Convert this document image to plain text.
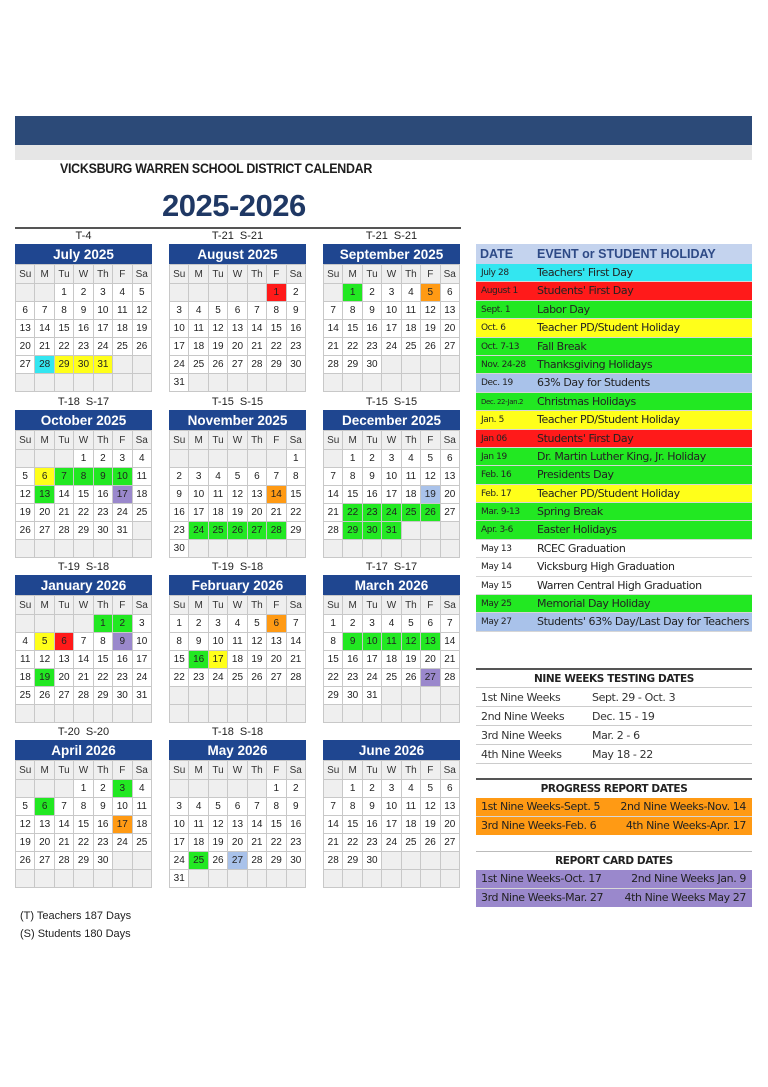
VICKSBURG WARREN SCHOOL DISTRICT CALENDAR
2025-2026
T-4
July 2025
Su	M	Tu	W	Th	F	Sa
		1	2	3	4	5
6	7	8	9	10	11	12
13	14	15	16	17	18	19
20	21	22	23	24	25	26
27	28	29	30	31		

T-21  S-21
August 2025
Su	M	Tu	W	Th	F	Sa
					1	2
3	4	5	6	7	8	9
10	11	12	13	14	15	16
17	18	19	20	21	22	23
24	25	26	27	28	29	30
31						
T-21  S-21
September 2025
Su	M	Tu	W	Th	F	Sa
	1	2	3	4	5	6
7	8	9	10	11	12	13
14	15	16	17	18	19	20
21	22	23	24	25	26	27
28	29	30				

T-18  S-17
October 2025
Su	M	Tu	W	Th	F	Sa
			1	2	3	4
5	6	7	8	9	10	11
12	13	14	15	16	17	18
19	20	21	22	23	24	25
26	27	28	29	30	31	

T-15  S-15
November 2025
Su	M	Tu	W	Th	F	Sa
						1
2	3	4	5	6	7	8
9	10	11	12	13	14	15
16	17	18	19	20	21	22
23	24	25	26	27	28	29
30						
T-15  S-15
December 2025
Su	M	Tu	W	Th	F	Sa
	1	2	3	4	5	6
7	8	9	10	11	12	13
14	15	16	17	18	19	20
21	22	23	24	25	26	27
28	29	30	31			

T-19  S-18
January 2026
Su	M	Tu	W	Th	F	Sa
				1	2	3
4	5	6	7	8	9	10
11	12	13	14	15	16	17
18	19	20	21	22	23	24
25	26	27	28	29	30	31

T-19  S-18
February 2026
Su	M	Tu	W	Th	F	Sa
1	2	3	4	5	6	7
8	9	10	11	12	13	14
15	16	17	18	19	20	21
22	23	24	25	26	27	28

T-17  S-17
March 2026
Su	M	Tu	W	Th	F	Sa
1	2	3	4	5	6	7
8	9	10	11	12	13	14
15	16	17	18	19	20	21
22	23	24	25	26	27	28
29	30	31				

T-20  S-20
April 2026
Su	M	Tu	W	Th	F	Sa
			1	2	3	4
5	6	7	8	9	10	11
12	13	14	15	16	17	18
19	20	21	22	23	24	25
26	27	28	29	30		

T-18  S-18
May 2026
Su	M	Tu	W	Th	F	Sa
					1	2
3	4	5	6	7	8	9
10	11	12	13	14	15	16
17	18	19	20	21	22	23
24	25	26	27	28	29	30
31						
June 2026
Su	M	Tu	W	Th	F	Sa
	1	2	3	4	5	6
7	8	9	10	11	12	13
14	15	16	17	18	19	20
21	22	23	24	25	26	27
28	29	30				

DATE	EVENT or STUDENT HOLIDAY
July 28	Teachers' First Day
August 1	Students' First Day
Sept. 1	Labor Day
Oct. 6	Teacher PD/Student Holiday
Oct. 7-13	Fall Break
Nov. 24-28	Thanksgiving Holidays
Dec. 19	63% Day for Students
Dec. 22-Jan.2	Christmas Holidays
Jan. 5	Teacher PD/Student Holiday
Jan 06	Students' First Day
Jan 19	Dr. Martin Luther King, Jr. Holiday
Feb. 16	Presidents Day
Feb. 17	Teacher PD/Student Holiday
Mar. 9-13	Spring Break
Apr. 3-6	Easter Holidays
May 13	RCEC Graduation
May 14	Vicksburg High Graduation
May 15	Warren Central High Graduation
May 25	Memorial Day Holiday
May 27	Students' 63% Day/Last Day for Teachers
NINE WEEKS TESTING DATES
1st Nine Weeks	Sept. 29 - Oct. 3
2nd Nine Weeks	Dec. 15 - 19
3rd Nine Weeks	Mar. 2 - 6
4th Nine Weeks	May 18 - 22
PROGRESS REPORT DATES
1st Nine Weeks-Sept. 5 2nd Nine Weeks-Nov. 14
3rd Nine Weeks-Feb. 6	4th Nine Weeks-Apr. 17
REPORT CARD DATES
1st Nine Weeks-Oct. 17	2nd Nine Weeks Jan. 9
3rd Nine Weeks-Mar. 27 4th Nine Weeks May 27
(T) Teachers 187 Days
(S) Students 180 Days
